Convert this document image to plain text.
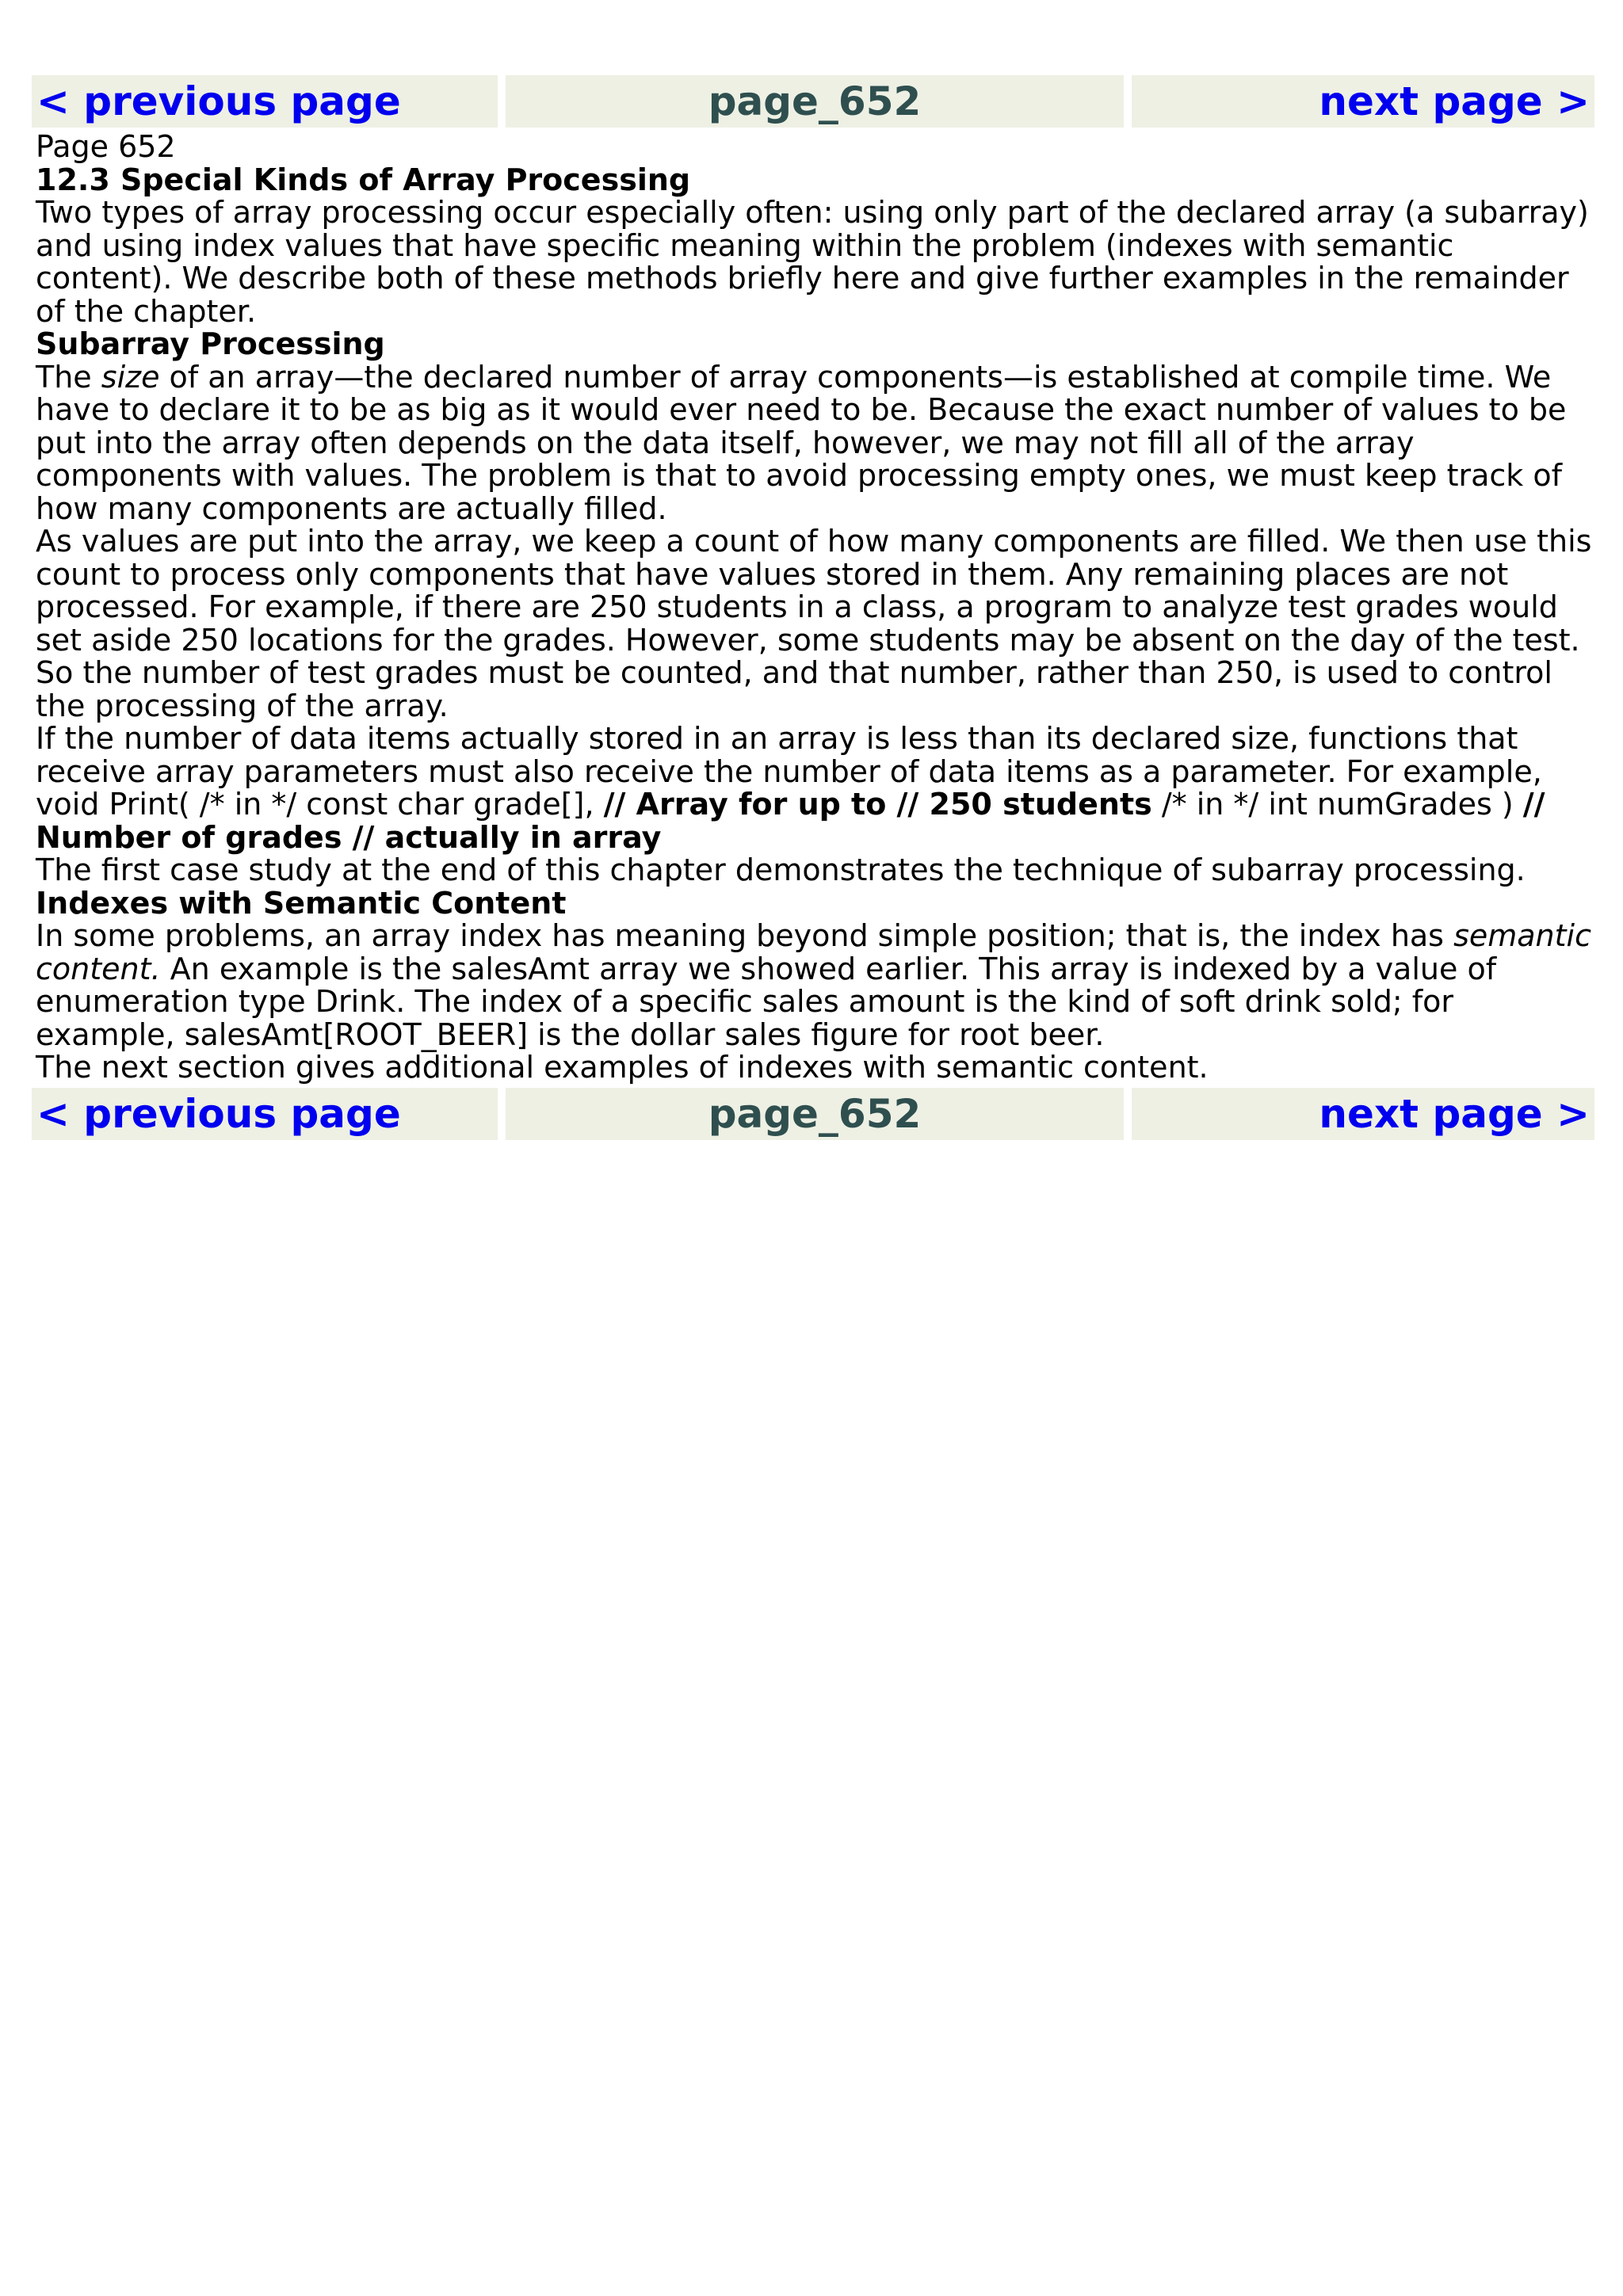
< previous page	page_652	next page >

Page 652

12.3 Special Kinds of Array Processing

Two types of array processing occur especially often: using only part of the declared array (a subarray) and using index values that have specific meaning within the problem (indexes with semantic content). We describe both of these methods briefly here and give further examples in the remainder of the chapter.

Subarray Processing

The size of an array—the declared number of array components—is established at compile time. We have to declare it to be as big as it would ever need to be. Because the exact number of values to be put into the array often depends on the data itself, however, we may not fill all of the array components with values. The problem is that to avoid processing empty ones, we must keep track of how many components are actually filled.

As values are put into the array, we keep a count of how many components are filled. We then use this count to process only components that have values stored in them. Any remaining places are not processed. For example, if there are 250 students in a class, a program to analyze test grades would set aside 250 locations for the grades. However, some students may be absent on the day of the test. So the number of test grades must be counted, and that number, rather than 250, is used to control the processing of the array.

If the number of data items actually stored in an array is less than its declared size, functions that receive array parameters must also receive the number of data items as a parameter. For example,

void Print( /* in */ const char grade[], // Array for up to // 250 students /* in */ int numGrades ) // Number of grades // actually in array

The first case study at the end of this chapter demonstrates the technique of subarray processing.

Indexes with Semantic Content

In some problems, an array index has meaning beyond simple position; that is, the index has semantic content. An example is the salesAmt array we showed earlier. This array is indexed by a value of enumeration type Drink. The index of a specific sales amount is the kind of soft drink sold; for example, salesAmt[ROOT_BEER] is the dollar sales figure for root beer.

The next section gives additional examples of indexes with semantic content.

< previous page	page_652	next page >
